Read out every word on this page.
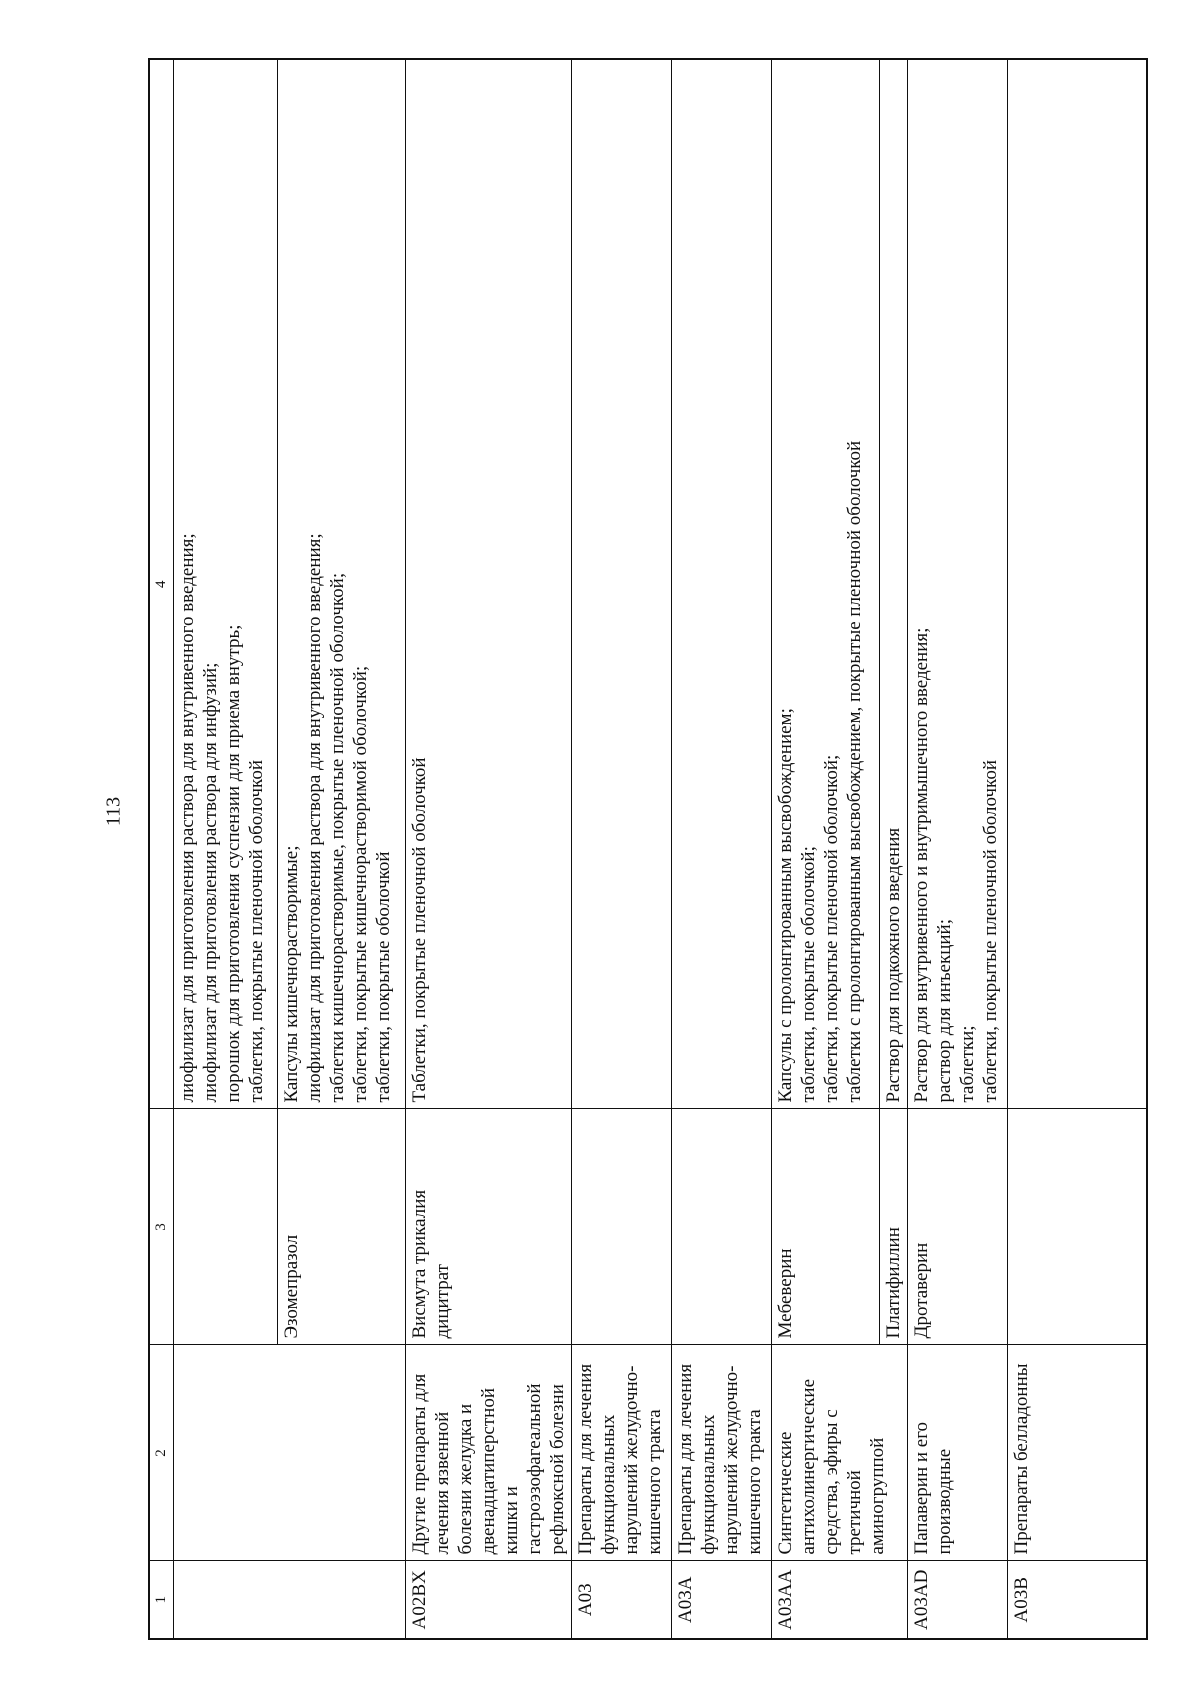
113
1	2	3	4

			лиофилизат для приготовления раствора для внутривенного введения; лиофилизат для приготовления раствора для инфузий; порошок для приготовления суспензии для приема внутрь; таблетки, покрытые пленочной оболочкой

		Эзомепразол	Капсулы кишечнорастворимые; лиофилизат для приготовления раствора для внутривенного введения; таблетки кишечнорастворимые, покрытые пленочной оболочкой; таблетки, покрытые кишечнорастворимой оболочкой; таблетки, покрытые оболочкой

A02BX	Другие препараты для лечения язвенной болезни желудка и двенадцатиперстной кишки и гастроэзофагеальной рефлюксной болезни	Висмута трикалия дицитрат	Таблетки, покрытые пленочной оболочкой

A03	Препараты для лечения функциональных нарушений желудочно-кишечного тракта		
A03A	Препараты для лечения функциональных нарушений желудочно-кишечного тракта		
A03AA	Синтетические антихолинергические средства, эфиры с третичной аминогруппой	Мебеверин	Капсулы с пролонгированным высвобождением; таблетки, покрытые оболочкой; таблетки, покрытые пленочной оболочкой; таблетки с пролонгированным высвобождением, покрытые пленочной оболочкой

		Платифиллин	Раствор для подкожного введения

A03AD	Папаверин и его производные	Дротаверин	Раствор для внутривенного и внутримышечного введения; раствор для инъекций; таблетки; таблетки, покрытые пленочной оболочкой

A03B	Препараты белладонны		
